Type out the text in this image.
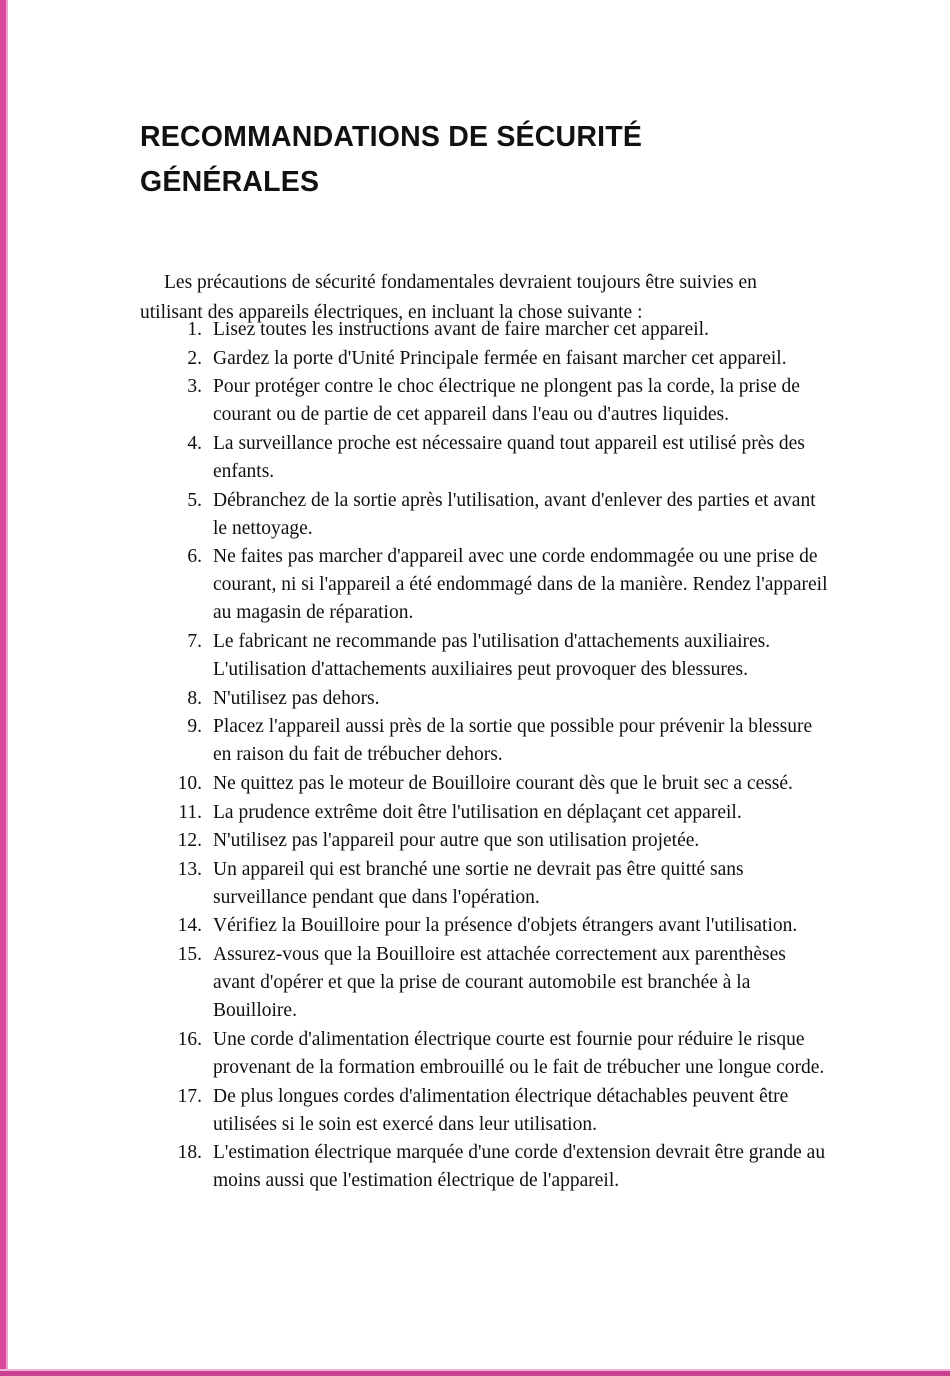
RECOMMANDATIONS DE SÉCURITÉ
GÉNÉRALES

Les précautions de sécurité fondamentales devraient toujours être suivies en utilisant des appareils électriques, en incluant la chose suivante :

Lisez toutes les instructions avant de faire marcher cet appareil.
Gardez la porte d'Unité Principale fermée en faisant marcher cet appareil.
Pour protéger contre le choc électrique ne plongent pas la corde, la prise de courant ou de partie de cet appareil dans l'eau ou d'autres liquides.
La surveillance proche est nécessaire quand tout appareil est utilisé près des enfants.
Débranchez de la sortie après l'utilisation, avant d'enlever des parties et avant le nettoyage.
Ne faites pas marcher d'appareil avec une corde endommagée ou une prise de courant, ni si l'appareil a été endommagé dans de la manière. Rendez l'appareil au magasin de réparation.
Le fabricant ne recommande pas l'utilisation d'attachements auxiliaires. L'utilisation d'attachements auxiliaires peut provoquer des blessures.
N'utilisez pas dehors.
Placez l'appareil aussi près de la sortie que possible pour prévenir la blessure en raison du fait de trébucher dehors.
Ne quittez pas le moteur de Bouilloire courant dès que le bruit sec a cessé.
La prudence extrême doit être l'utilisation en déplaçant cet appareil.
N'utilisez pas l'appareil pour autre que son utilisation projetée.
Un appareil qui est branché une sortie ne devrait pas être quitté sans surveillance pendant que dans l'opération.
Vérifiez la Bouilloire pour la présence d'objets étrangers avant l'utilisation.
Assurez-vous que la Bouilloire est attachée correctement aux parenthèses avant d'opérer et que la prise de courant automobile est branchée à la Bouilloire.
Une corde d'alimentation électrique courte est fournie pour réduire le risque provenant de la formation embrouillé ou le fait de trébucher une longue corde.
De plus longues cordes d'alimentation électrique détachables peuvent être utilisées si le soin est exercé dans leur utilisation.
L'estimation électrique marquée d'une corde d'extension devrait être grande au moins aussi que l'estimation électrique de l'appareil.
